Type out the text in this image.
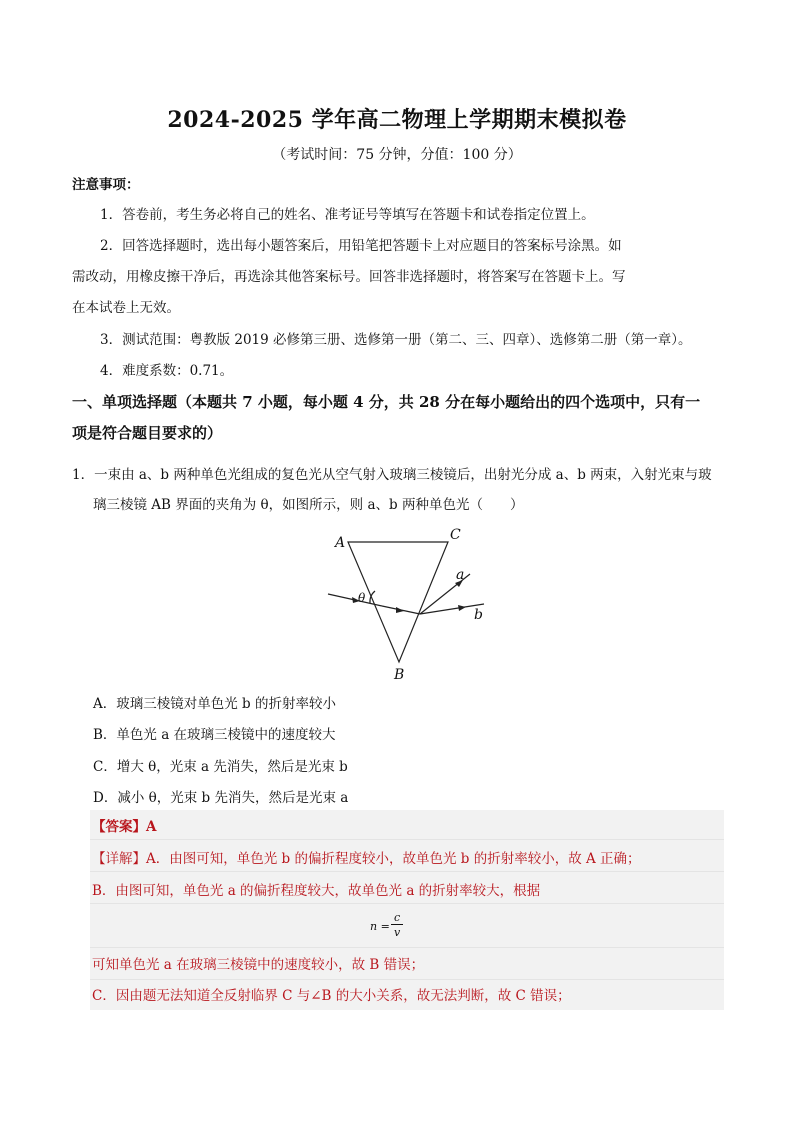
2024-2025 学年高二物理上学期期末模拟卷
（考试时间：75 分钟，分值：100 分）
注意事项：
1．答卷前，考生务必将自己的姓名、准考证号等填写在答题卡和试卷指定位置上。
2．回答选择题时，选出每小题答案后，用铅笔把答题卡上对应题目的答案标号涂黑。如
需改动，用橡皮擦干净后，再选涂其他答案标号。回答非选择题时，将答案写在答题卡上。写
在本试卷上无效。
3．测试范围：粤教版 2019 必修第三册、选修第一册（第二、三、四章）、选修第二册（第一章）。
4．难度系数：0.71。
一、单项选择题（本题共 7 小题，每小题 4 分，共 28 分在每小题给出的四个选项中，只有一
项是符合题目要求的）
1．一束由 a、b 两种单色光组成的复色光从空气射入玻璃三棱镜后，出射光分成 a、b 两束，入射光束与玻
璃三棱镜 AB 界面的夹角为 θ，如图所示，则 a、b 两种单色光（　　）
A	C
B
θ
a
b
A．玻璃三棱镜对单色光 b 的折射率较小
B．单色光 a 在玻璃三棱镜中的速度较大
C．增大 θ，光束 a 先消失，然后是光束 b
D．减小 θ，光束 b 先消失，然后是光束 a
【答案】A
【详解】A．由图可知，单色光 b 的偏折程度较小，故单色光 b 的折射率较小，故 A 正确；
B．由图可知，单色光 a 的偏折程度较大，故单色光 a 的折射率较大，根据
n =
c
v
可知单色光 a 在玻璃三棱镜中的速度较小，故 B 错误；
C．因由题无法知道全反射临界 C 与∠B 的大小关系，故无法判断，故 C 错误；
